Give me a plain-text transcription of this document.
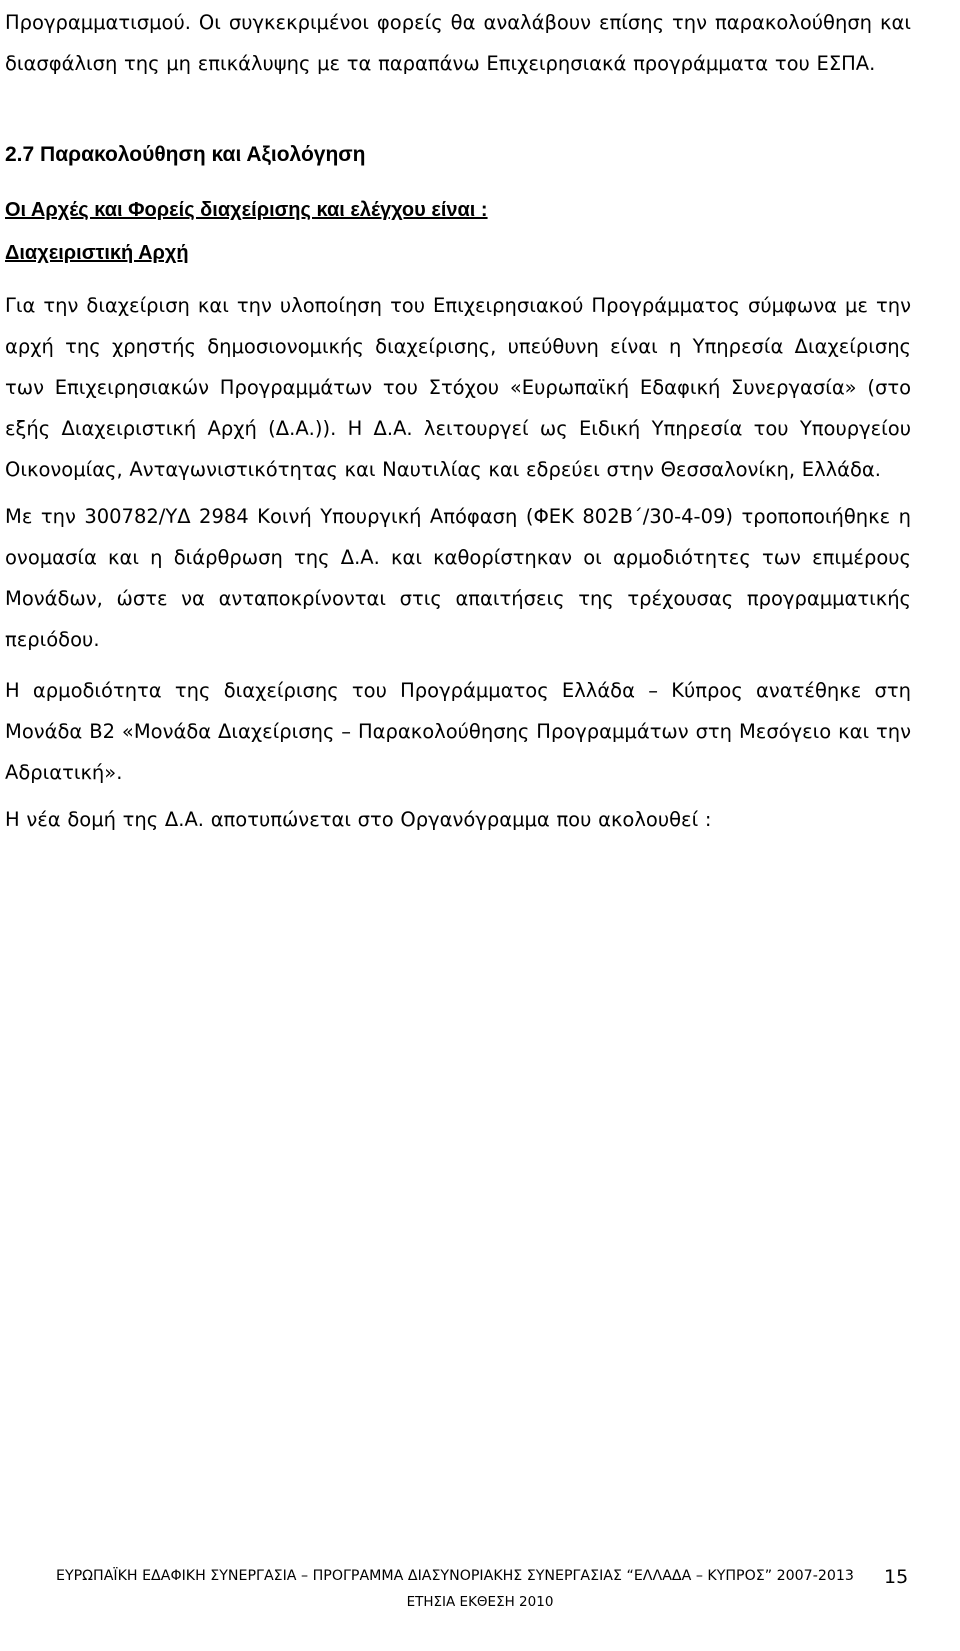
Προγραμματισμού. Οι συγκεκριμένοι φορείς θα αναλάβουν επίσης την παρακολούθηση και διασφάλιση της μη επικάλυψης με τα παραπάνω Επιχειρησιακά προγράμματα του ΕΣΠΑ.

2.7 Παρακολούθηση και Αξιολόγηση
Οι Αρχές και Φορείς διαχείρισης και ελέγχου είναι :
Διαχειριστική Αρχή

Για την διαχείριση και την υλοποίηση του Επιχειρησιακού Προγράμματος σύμφωνα με την αρχή της χρηστής δημοσιονομικής διαχείρισης, υπεύθυνη είναι η Υπηρεσία Διαχείρισης των Επιχειρησιακών Προγραμμάτων του Στόχου «Ευρωπαϊκή Εδαφική Συνεργασία» (στο εξής Διαχειριστική Αρχή (Δ.Α.)). Η Δ.Α. λειτουργεί ως Ειδική Υπηρεσία του Υπουργείου Οικονομίας, Ανταγωνιστικότητας και Ναυτιλίας και εδρεύει στην Θεσσαλονίκη, Ελλάδα.

Με την 300782/ΥΔ 2984 Κοινή Υπουργική Απόφαση (ΦΕΚ 802Β΄/30-4-09) τροποποιήθηκε η ονομασία και η διάρθρωση της Δ.Α. και καθορίστηκαν οι αρμοδιότητες των επιμέρους Μονάδων, ώστε να ανταποκρίνονται στις απαιτήσεις της τρέχουσας προγραμματικής περιόδου.

Η αρμοδιότητα της διαχείρισης του Προγράμματος Ελλάδα – Κύπρος ανατέθηκε στη Μονάδα Β2 «Μονάδα Διαχείρισης – Παρακολούθησης Προγραμμάτων στη Μεσόγειο και την Αδριατική».

Η νέα δομή της Δ.Α. αποτυπώνεται στο Οργανόγραμμα που ακολουθεί :

ΕΥΡΩΠΑΪΚΗ ΕΔΑΦΙΚΗ ΣΥΝΕΡΓΑΣΙΑ – ΠΡΟΓΡΑΜΜΑ ΔΙΑΣΥΝΟΡΙΑΚΗΣ ΣΥΝΕΡΓΑΣΙΑΣ “ΕΛΛΑΔΑ – ΚΥΠΡΟΣ” 2007-2013 15
ΕΤΗΣΙΑ ΕΚΘΕΣΗ 2010
